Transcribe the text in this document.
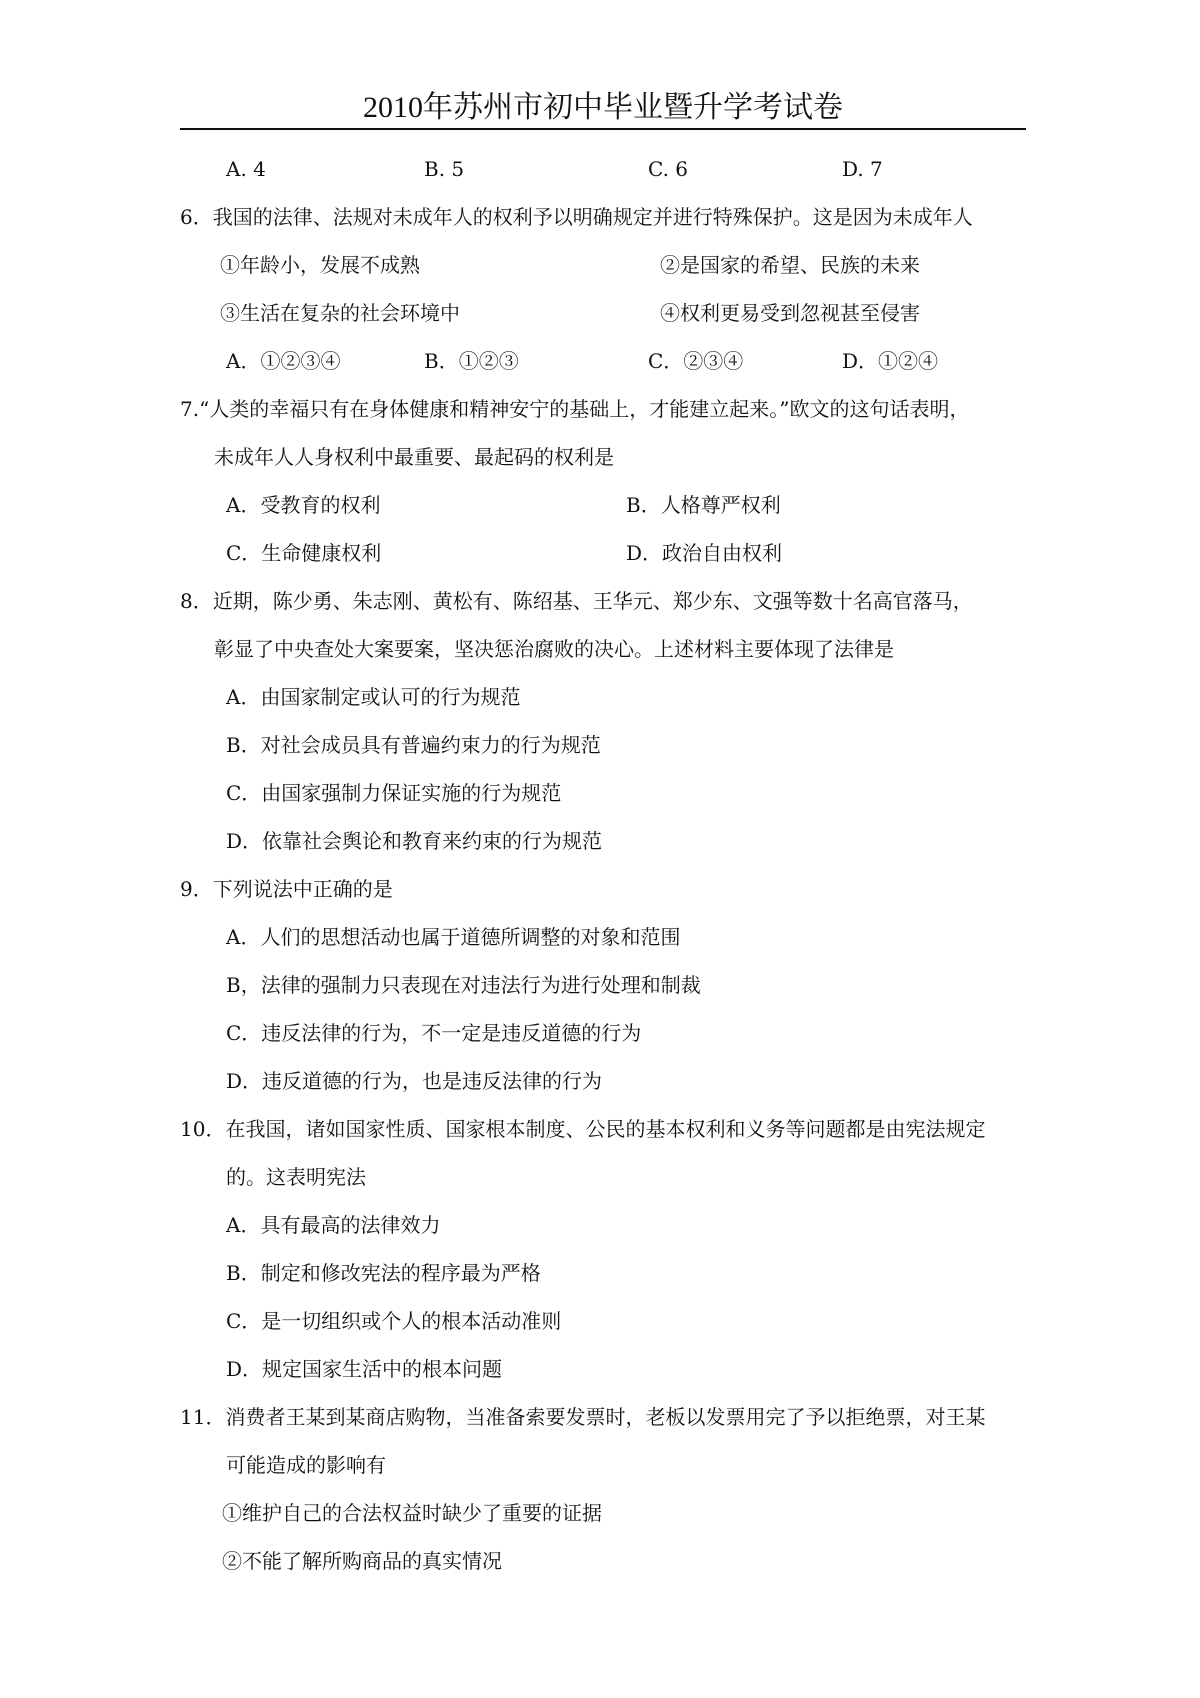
2010年苏州市初中毕业暨升学考试卷
A. 4	B. 5	C. 6	D. 7
6．我国的法律、法规对未成年人的权利予以明确规定并进行特殊保护。这是因为未成年人
①年龄小，发展不成熟	②是国家的希望、民族的未来
③生活在复杂的社会环境中	④权利更易受到忽视甚至侵害
A．①②③④	B．①②③	C．②③④	D．①②④
7.“人类的幸福只有在身体健康和精神安宁的基础上，才能建立起来。”欧文的这句话表明，
未成年人人身权利中最重要、最起码的权利是
A．受教育的权利	B．人格尊严权利
C．生命健康权利	D．政治自由权利
8．近期，陈少勇、朱志刚、黄松有、陈绍基、王华元、郑少东、文强等数十名高官落马，
彰显了中央查处大案要案，坚决惩治腐败的决心。上述材料主要体现了法律是
A．由国家制定或认可的行为规范
B．对社会成员具有普遍约束力的行为规范
C．由国家强制力保证实施的行为规范
D．依靠社会舆论和教育来约束的行为规范
9．下列说法中正确的是
A．人们的思想活动也属于道德所调整的对象和范围
B，法律的强制力只表现在对违法行为进行处理和制裁
C．违反法律的行为，不一定是违反道德的行为
D．违反道德的行为，也是违反法律的行为
10．在我国，诸如国家性质、国家根本制度、公民的基本权利和义务等问题都是由宪法规定
的。这表明宪法
A．具有最高的法律效力
B．制定和修改宪法的程序最为严格
C．是一切组织或个人的根本活动准则
D．规定国家生活中的根本问题
11．消费者王某到某商店购物，当准备索要发票时，老板以发票用完了予以拒绝票，对王某
可能造成的影响有
①维护自己的合法权益时缺少了重要的证据
②不能了解所购商品的真实情况
